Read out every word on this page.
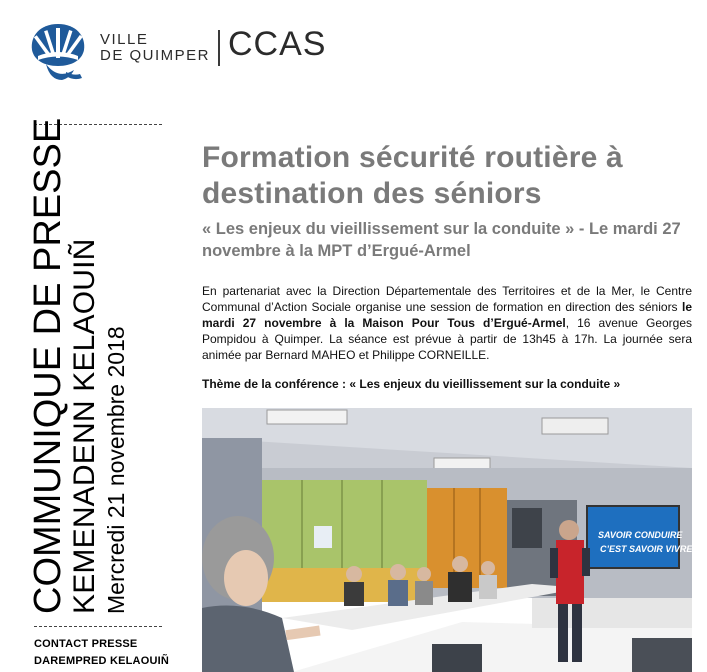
VILLE
DE QUIMPER CCAS
COMMUNIQUE DE PRESSE KEMENADENN KELAOUIÑ Mercredi 21 novembre 2018
CONTACT PRESSE
DAREMPRED KELAOUIÑ
Formation sécurité routière à destination des séniors
« Les enjeux du vieillissement sur la conduite » - Le mardi 27 novembre à la MPT d’Ergué-Armel
En partenariat avec la Direction Départementale des Territoires et de la Mer, le Centre Communal d’Action Sociale organise une session de formation en direction des séniors le mardi 27 novembre à la Maison Pour Tous d’Ergué-Armel, 16 avenue Georges Pompidou à Quimper. La séance est prévue à partir de 13h45 à 17h. La journée sera animée par Bernard MAHEO et Philippe CORNEILLE.
Thème de la conférence : « Les enjeux du vieillissement sur la conduite »
SAVOIR CONDUIRE
C’EST SAVOIR VIVRE
